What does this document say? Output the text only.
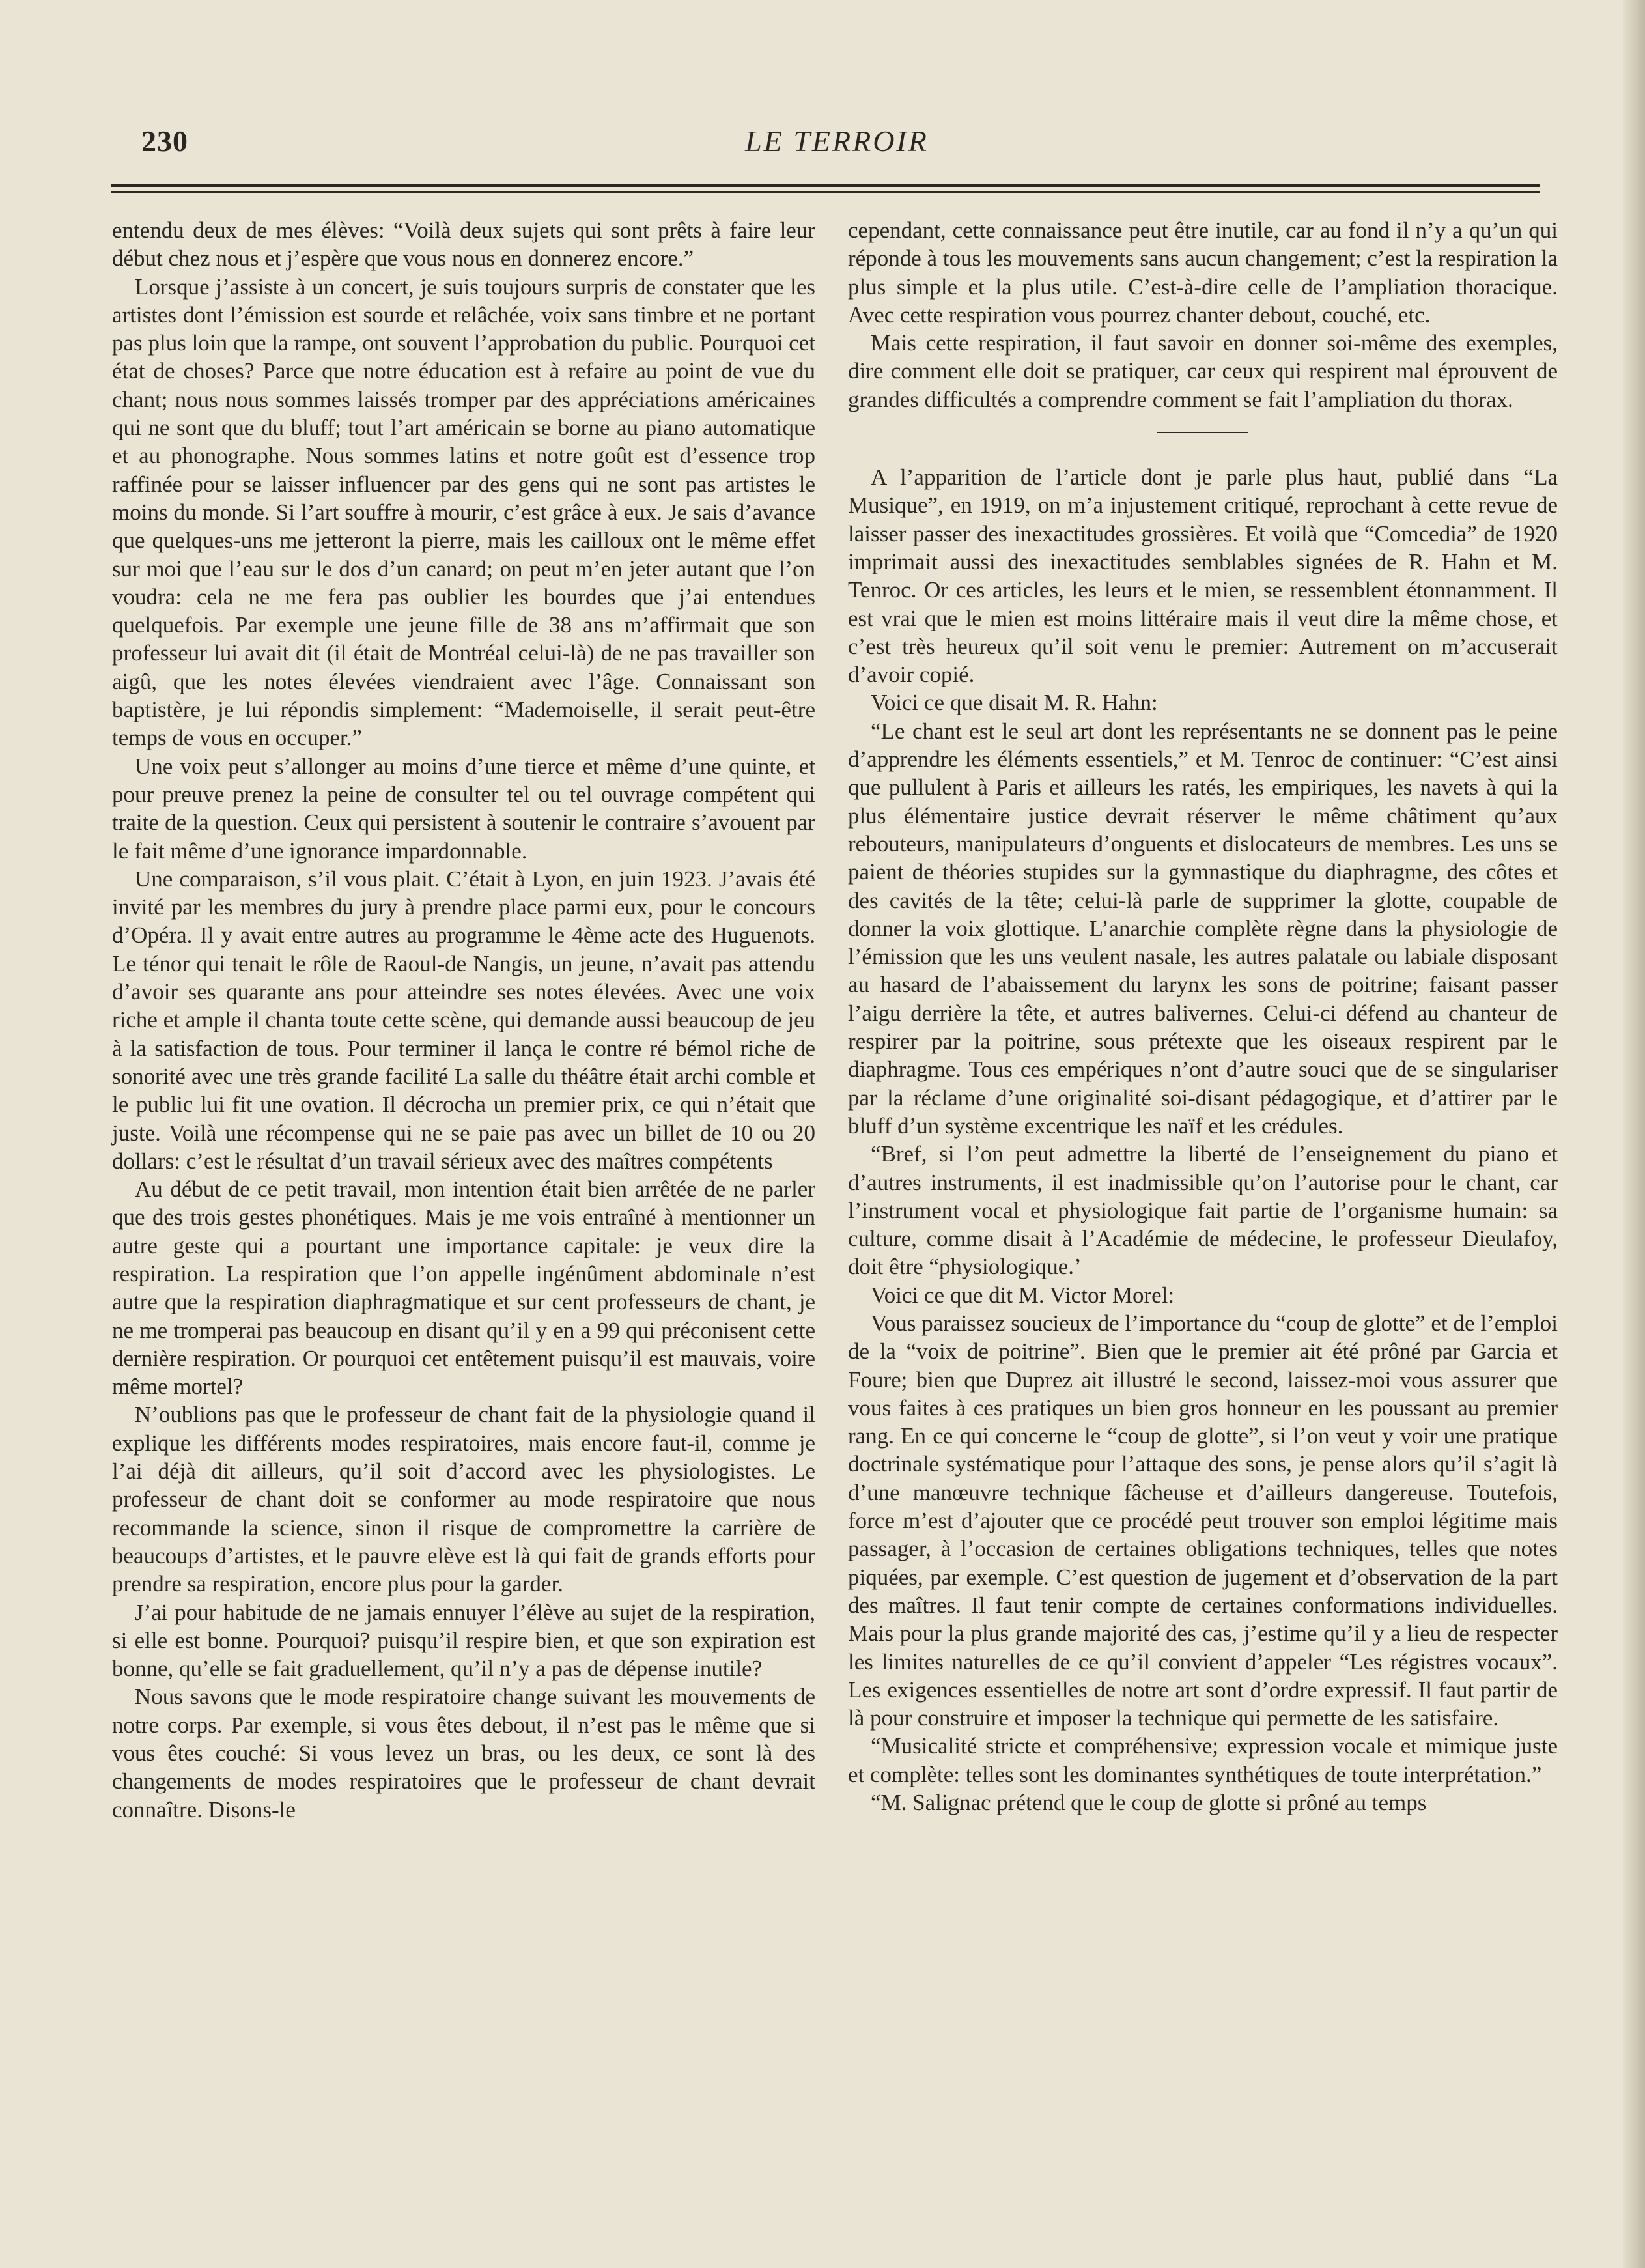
230	LE TERROIR

entendu deux de mes élèves: “Voilà deux sujets qui sont prêts à faire leur début chez nous et j’espère que vous nous en donnerez encore.”

Lorsque j’assiste à un concert, je suis toujours surpris de constater que les artistes dont l’émission est sourde et relâchée, voix sans timbre et ne portant pas plus loin que la rampe, ont souvent l’approbation du public. Pourquoi cet état de choses? Parce que notre éducation est à refaire au point de vue du chant; nous nous sommes laissés tromper par des appréciations américaines qui ne sont que du bluff; tout l’art américain se borne au piano automatique et au phonographe. Nous sommes latins et notre goût est d’essence trop raffinée pour se laisser influencer par des gens qui ne sont pas artistes le moins du monde. Si l’art souffre à mourir, c’est grâce à eux. Je sais d’avance que quelques-uns me jetteront la pierre, mais les cailloux ont le même effet sur moi que l’eau sur le dos d’un canard; on peut m’en jeter autant que l’on voudra: cela ne me fera pas oublier les bourdes que j’ai entendues quelquefois. Par exemple une jeune fille de 38 ans m’affirmait que son professeur lui avait dit (il était de Montréal celui-là) de ne pas travailler son aigû, que les notes élevées viendraient avec l’âge. Connaissant son baptistère, je lui répondis simplement: “Mademoiselle, il serait peut-être temps de vous en occuper.”

Une voix peut s’allonger au moins d’une tierce et même d’une quinte, et pour preuve prenez la peine de consulter tel ou tel ouvrage compétent qui traite de la question. Ceux qui persistent à soutenir le contraire s’avouent par le fait même d’une ignorance impardonnable.

Une comparaison, s’il vous plait. C’était à Lyon, en juin 1923. J’avais été invité par les membres du jury à prendre place parmi eux, pour le concours d’Opéra. Il y avait entre autres au programme le 4ème acte des Huguenots. Le ténor qui tenait le rôle de Raoul-de Nangis, un jeune, n’avait pas attendu d’avoir ses quarante ans pour atteindre ses notes élevées. Avec une voix riche et ample il chanta toute cette scène, qui demande aussi beaucoup de jeu à la satisfaction de tous. Pour terminer il lança le contre ré bémol riche de sonorité avec une très grande facilité La salle du théâtre était archi comble et le public lui fit une ovation. Il décrocha un premier prix, ce qui n’était que juste. Voilà une récompense qui ne se paie pas avec un billet de 10 ou 20 dollars: c’est le résultat d’un travail sérieux avec des maîtres compétents

Au début de ce petit travail, mon intention était bien arrêtée de ne parler que des trois gestes phonétiques. Mais je me vois entraîné à mentionner un autre geste qui a pourtant une importance capitale: je veux dire la respiration. La respiration que l’on appelle ingénûment abdominale n’est autre que la respiration diaphragmatique et sur cent professeurs de chant, je ne me tromperai pas beaucoup en disant qu’il y en a 99 qui préconisent cette dernière respiration. Or pourquoi cet entêtement puisqu’il est mauvais, voire même mortel?

N’oublions pas que le professeur de chant fait de la physiologie quand il explique les différents modes respiratoires, mais encore faut-il, comme je l’ai déjà dit ailleurs, qu’il soit d’accord avec les physiologistes. Le professeur de chant doit se conformer au mode respiratoire que nous recommande la science, sinon il risque de compromettre la carrière de beaucoups d’artistes, et le pauvre elève est là qui fait de grands efforts pour prendre sa respiration, encore plus pour la garder.

J’ai pour habitude de ne jamais ennuyer l’élève au sujet de la respiration, si elle est bonne. Pourquoi? puisqu’il respire bien, et que son expiration est bonne, qu’elle se fait graduellement, qu’il n’y a pas de dépense inutile?

Nous savons que le mode respiratoire change suivant les mouvements de notre corps. Par exemple, si vous êtes debout, il n’est pas le même que si vous êtes couché: Si vous levez un bras, ou les deux, ce sont là des changements de modes respiratoires que le professeur de chant devrait connaître. Disons-le

cependant, cette connaissance peut être inutile, car au fond il n’y a qu’un qui réponde à tous les mouvements sans aucun changement; c’est la respiration la plus simple et la plus utile. C’est-à-dire celle de l’ampliation thoracique. Avec cette respiration vous pourrez chanter debout, couché, etc.

Mais cette respiration, il faut savoir en donner soi-même des exemples, dire comment elle doit se pratiquer, car ceux qui respirent mal éprouvent de grandes difficultés a comprendre comment se fait l’ampliation du thorax.

A l’apparition de l’article dont je parle plus haut, publié dans “La Musique”, en 1919, on m’a injustement critiqué, reprochant à cette revue de laisser passer des inexactitudes grossières. Et voilà que “Comcedia” de 1920 imprimait aussi des inexactitudes semblables signées de R. Hahn et M. Tenroc. Or ces articles, les leurs et le mien, se ressemblent étonnamment. Il est vrai que le mien est moins littéraire mais il veut dire la même chose, et c’est très heureux qu’il soit venu le premier: Autrement on m’accuserait d’avoir copié.

Voici ce que disait M. R. Hahn:

“Le chant est le seul art dont les représentants ne se donnent pas le peine d’apprendre les éléments essentiels,” et M. Tenroc de continuer: “C’est ainsi que pullulent à Paris et ailleurs les ratés, les empiriques, les navets à qui la plus élémentaire justice devrait réserver le même châtiment qu’aux rebouteurs, manipulateurs d’onguents et dislocateurs de membres. Les uns se paient de théories stupides sur la gymnastique du diaphragme, des côtes et des cavités de la tête; celui-là parle de supprimer la glotte, coupable de donner la voix glottique. L’anarchie complète règne dans la physiologie de l’émission que les uns veulent nasale, les autres palatale ou labiale disposant au hasard de l’abaissement du larynx les sons de poitrine; faisant passer l’aigu derrière la tête, et autres balivernes. Celui-ci défend au chanteur de respirer par la poitrine, sous prétexte que les oiseaux respirent par le diaphragme. Tous ces empériques n’ont d’autre souci que de se singulariser par la réclame d’une originalité soi-disant pédagogique, et d’attirer par le bluff d’un système excentrique les naïf et les crédules.

“Bref, si l’on peut admettre la liberté de l’enseignement du piano et d’autres instruments, il est inadmissible qu’on l’autorise pour le chant, car l’instrument vocal et physiologique fait partie de l’organisme humain: sa culture, comme disait à l’Académie de médecine, le professeur Dieulafoy, doit être “physiologique.’

Voici ce que dit M. Victor Morel:

Vous paraissez soucieux de l’importance du “coup de glotte” et de l’emploi de la “voix de poitrine”. Bien que le premier ait été prôné par Garcia et Foure; bien que Duprez ait illustré le second, laissez-moi vous assurer que vous faites à ces pratiques un bien gros honneur en les poussant au premier rang. En ce qui concerne le “coup de glotte”, si l’on veut y voir une pratique doctrinale systématique pour l’attaque des sons, je pense alors qu’il s’agit là d’une manœuvre technique fâcheuse et d’ailleurs dangereuse. Toutefois, force m’est d’ajouter que ce procédé peut trouver son emploi légitime mais passager, à l’occasion de certaines obligations techniques, telles que notes piquées, par exemple. C’est question de jugement et d’observation de la part des maîtres. Il faut tenir compte de certaines conformations individuelles. Mais pour la plus grande majorité des cas, j’estime qu’il y a lieu de respecter les limites naturelles de ce qu’il convient d’appeler “Les régistres vocaux”. Les exigences essentielles de notre art sont d’ordre expressif. Il faut partir de là pour construire et imposer la technique qui permette de les satisfaire.

“Musicalité stricte et compréhensive; expression vocale et mimique juste et complète: telles sont les dominantes synthétiques de toute interprétation.”

“M. Salignac prétend que le coup de glotte si prôné au temps
